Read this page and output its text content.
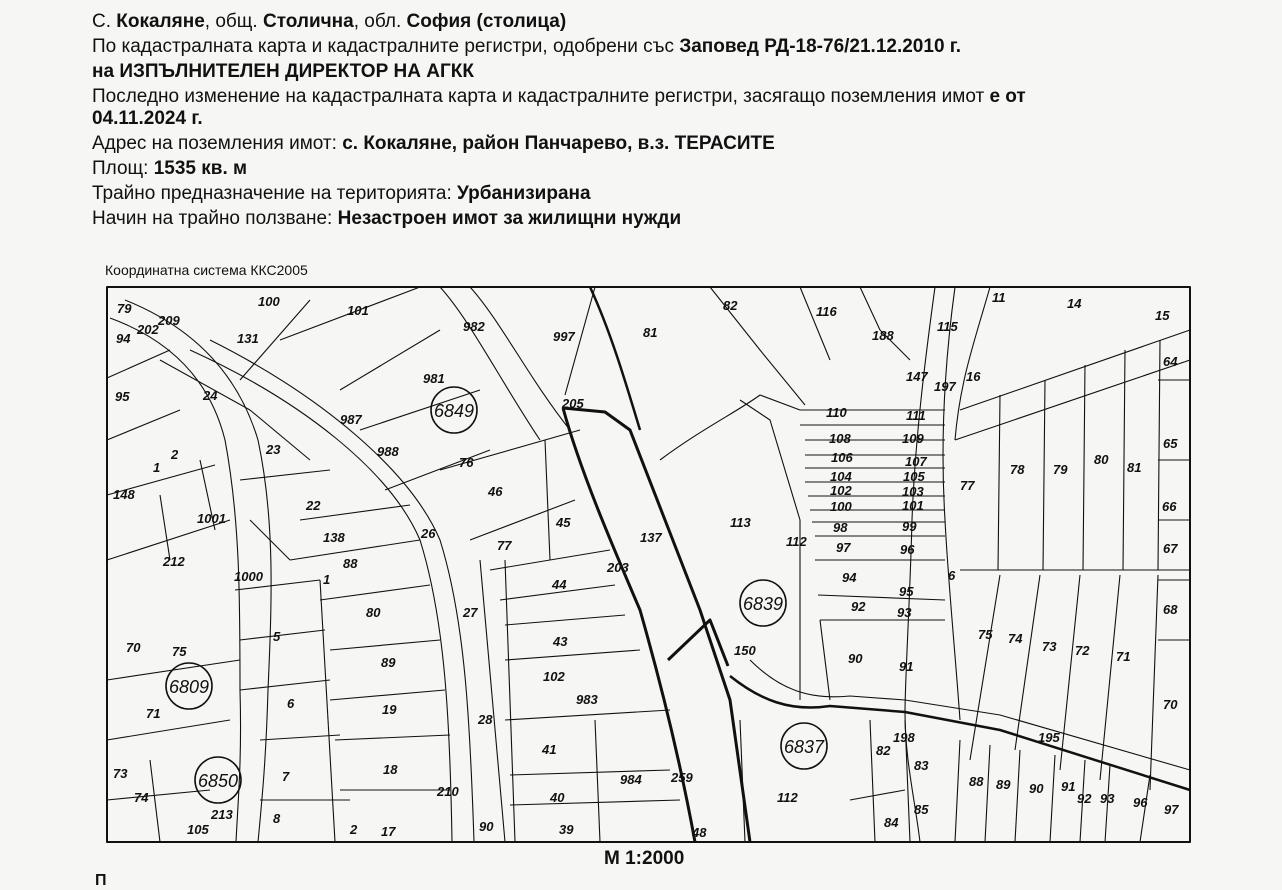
С. Кокаляне, общ. Столична, обл. София (столица)
По кадастралната карта и кадастралните регистри, одобрени със Заповед РД-18-76/21.12.2010 г.
на ИЗПЪЛНИТЕЛЕН ДИРЕКТОР НА АГКК
Последно изменение на кадастралната карта и кадастралните регистри, засягащо поземления имот е от
04.11.2024 г.
Адрес на поземления имот: с. Кокаляне, район Панчарево, в.з. ТЕРАСИТЕ
Площ: 1535 кв. м
Трайно предназначение на територията: Урбанизирана
Начин на трайно ползване: Незастроен имот за жилищни нужди
Координатна система ККС2005
6849
6839
6809
6837
6850
79	100
101
982
997	81
82	116
188
115
11	14
15
209
202
94	131
981
64
95	24
987
205
147
197
16
110	111
988
2
1
23
108	109	65
106	107
78 79
80
81
104	105
77
76
102	103
148	46
100	101	66
1001
22
138
45
137
113	98	99
26
112 97	96	67
77
212	88
1000
203
44	94
95
6
1
80	92 93	68
5
27
75 74
73 72 71
70 75
43
150
90
89
102
91
983
6
71	19
28
70
198	195
82
41
73	18
984 259
83
88 89 90 91
92 93 96 97
7
210	40	112
74
84
85
213	8
2 17	39	48
105	90
M 1:2000
П
